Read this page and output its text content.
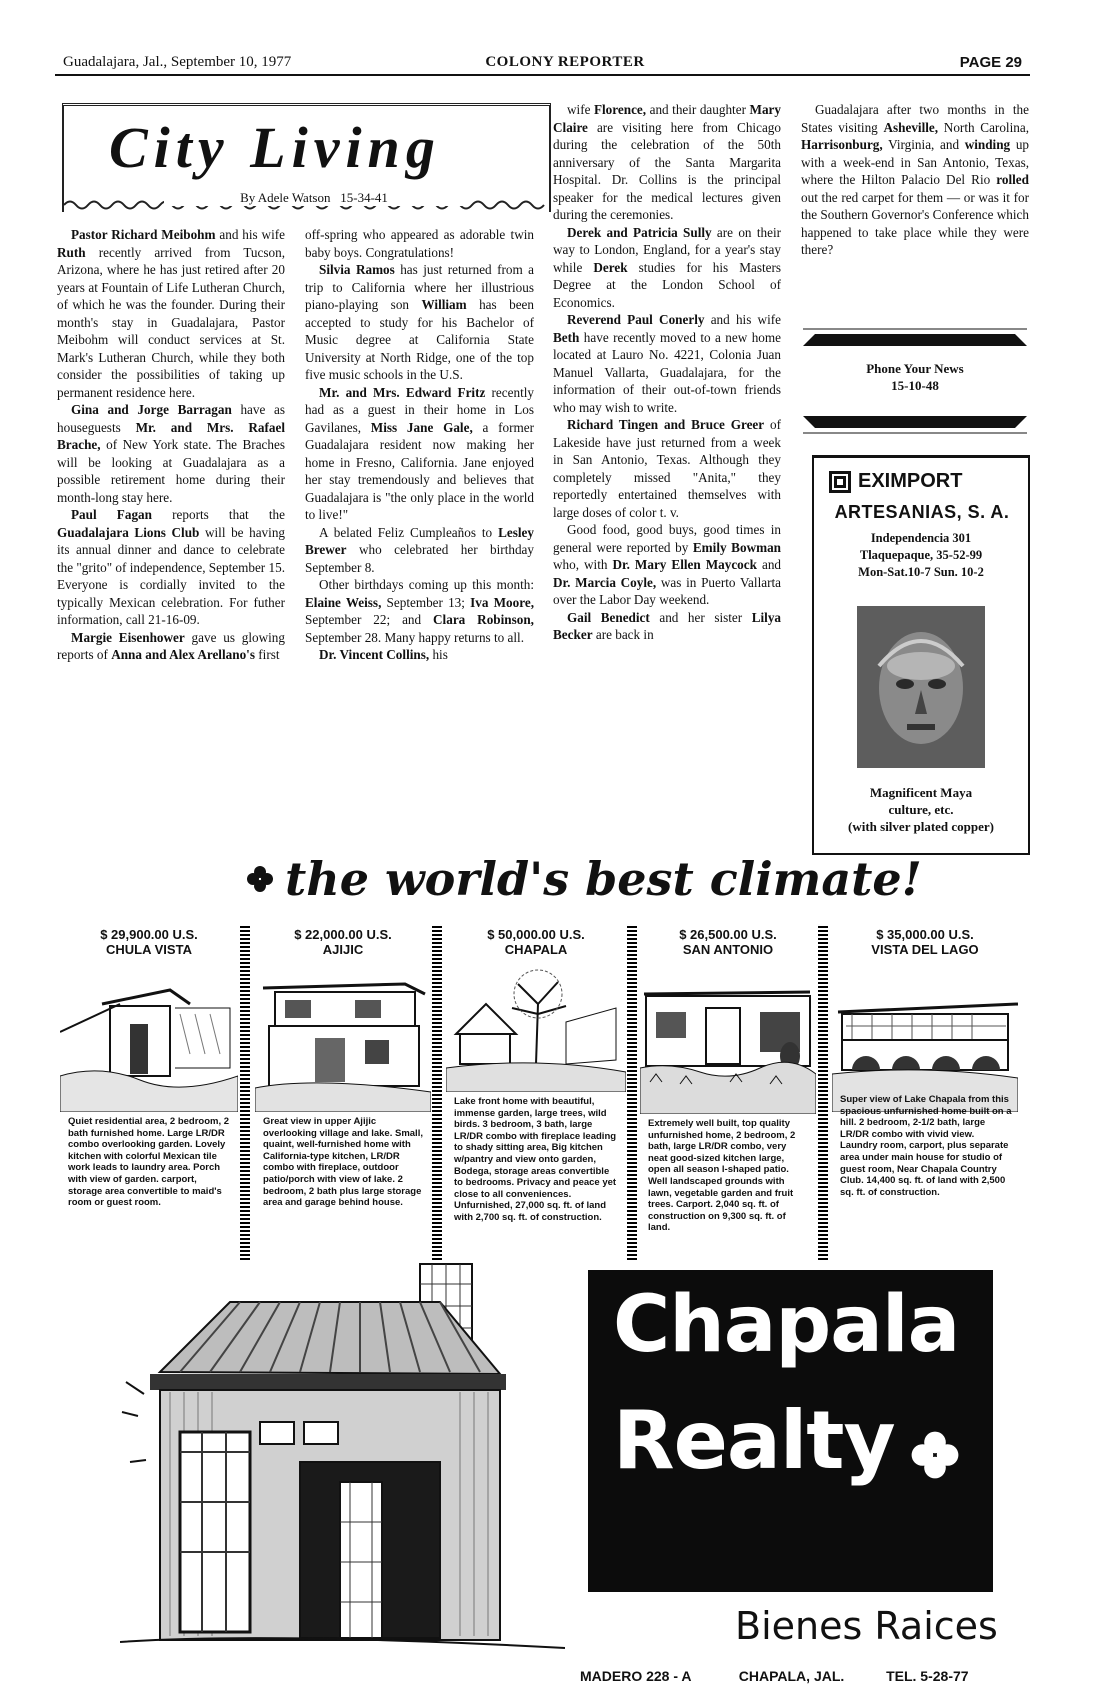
Guadalajara, Jal., September 10, 1977	COLONY REPORTER	PAGE 29
City Living
By Adele Watson 15-34-41

Pastor Richard Meibohm and his wife Ruth recently arrived from Tucson, Arizona, where he has just retired after 20 years at Fountain of Life Lutheran Church, of which he was the founder. During their month's stay in Guadalajara, Pastor Meibohm will conduct services at St. Mark's Lutheran Church, while they both consider the possibilities of taking up permanent residence here.

Gina and Jorge Barragan have as houseguests Mr. and Mrs. Rafael Brache, of New York state. The Braches will be looking at Guadalajara as a possible retirement home during their month-long stay here.

Paul Fagan reports that the Guadalajara Lions Club will be having its annual dinner and dance to celebrate the "grito" of independence, September 15. Everyone is cordially invited to the typically Mexican celebration. For futher information, call 21-16-09.

Margie Eisenhower gave us glowing reports of Anna and Alex Arellano's first

off-spring who appeared as adorable twin baby boys. Congratulations!

Silvia Ramos has just returned from a trip to California where her illustrious piano-playing son William has been accepted to study for his Bachelor of Music degree at California State University at North Ridge, one of the top five music schools in the U.S.

Mr. and Mrs. Edward Fritz recently had as a guest in their home in Los Gavilanes, Miss Jane Gale, a former Guadalajara resident now making her home in Fresno, California. Jane enjoyed her stay tremendously and believes that Guadalajara is "the only place in the world to live!"

A belated Feliz Cumpleaños to Lesley Brewer who celebrated her birthday September 8.

Other birthdays coming up this month: Elaine Weiss, September 13; Iva Moore, September 22; and Clara Robinson, September 28. Many happy returns to all.

Dr. Vincent Collins, his

wife Florence, and their daughter Mary Claire are visiting here from Chicago during the celebration of the 50th anniversary of the Santa Margarita Hospital. Dr. Collins is the principal speaker for the medical lectures given during the ceremonies.

Derek and Patricia Sully are on their way to London, England, for a year's stay while Derek studies for his Masters Degree at the London School of Economics.

Reverend Paul Conerly and his wife Beth have recently moved to a new home located at Lauro No. 4221, Colonia Juan Manuel Vallarta, Guadalajara, for the information of their out-of-town friends who may wish to write.

Richard Tingen and Bruce Greer of Lakeside have just returned from a week in San Antonio, Texas. Although they completely missed "Anita," they reportedly entertained themselves with large doses of color t. v.

Good food, good buys, good times in general were reported by Emily Bowman who, with Dr. Mary Ellen Maycock and Dr. Marcia Coyle, was in Puerto Vallarta over the Labor Day weekend.

Gail Benedict and her sister Lilya Becker are back in

Guadalajara after two months in the States visiting Asheville, North Carolina, Harrisonburg, Virginia, and winding up with a week-end in San Antonio, Texas, where the Hilton Palacio Del Rio rolled out the red carpet for them — or was it for the Southern Governor's Conference which happened to take place while they were there?

Phone Your News
15-10-48
EXIMPORT
ARTESANIAS, S. A.
Independencia 301
Tlaquepaque, 35-52-99
Mon-Sat.10-7 Sun. 10-2
Magnificent Maya
culture, etc.
(with silver plated copper)
the world's best climate!
$ 29,900.00 U.S.
CHULA VISTA
Quiet residential area, 2 bedroom, 2 bath furnished home. Large LR/DR combo overlooking garden. Lovely kitchen with colorful Mexican tile work leads to laundry area. Porch with view of garden. carport, storage area convertible to maid's room or guest room.
$ 22,000.00 U.S.
AJIJIC
Great view in upper Ajijic overlooking village and lake. Small, quaint, well-furnished home with California-type kitchen, LR/DR combo with fireplace, outdoor patio/porch with view of lake. 2 bedroom, 2 bath plus large storage area and garage behind house.
$ 50,000.00 U.S.
CHAPALA
Lake front home with beautiful, immense garden, large trees, wild birds. 3 bedroom, 3 bath, large LR/DR combo with fireplace leading to shady sitting area, Big kitchen w/pantry and view onto garden, Bodega, storage areas convertible to bedrooms. Privacy and peace yet close to all conveniences. Unfurnished, 27,000 sq. ft. of land with 2,700 sq. ft. of construction.
$ 26,500.00 U.S.
SAN ANTONIO
Extremely well built, top quality unfurnished home, 2 bedroom, 2 bath, large LR/DR combo, very neat good-sized kitchen large, open all season l-shaped patio. Well landscaped grounds with lawn, vegetable garden and fruit trees. Carport. 2,040 sq. ft. of construction on 9,300 sq. ft. of land.
$ 35,000.00 U.S.
VISTA DEL LAGO
Super view of Lake Chapala from this spacious unfurnished home built on a hill. 2 bedroom, 2-1/2 bath, large LR/DR combo with vivid view. Laundry room, carport, plus separate area under main house for studio of guest room, Near Chapala Country Club. 14,400 sq. ft. of land with 2,500 sq. ft. of construction.
Chapala
Realty
Bienes Raices
MADERO 228 - A	CHAPALA, JAL.	TEL. 5-28-77
